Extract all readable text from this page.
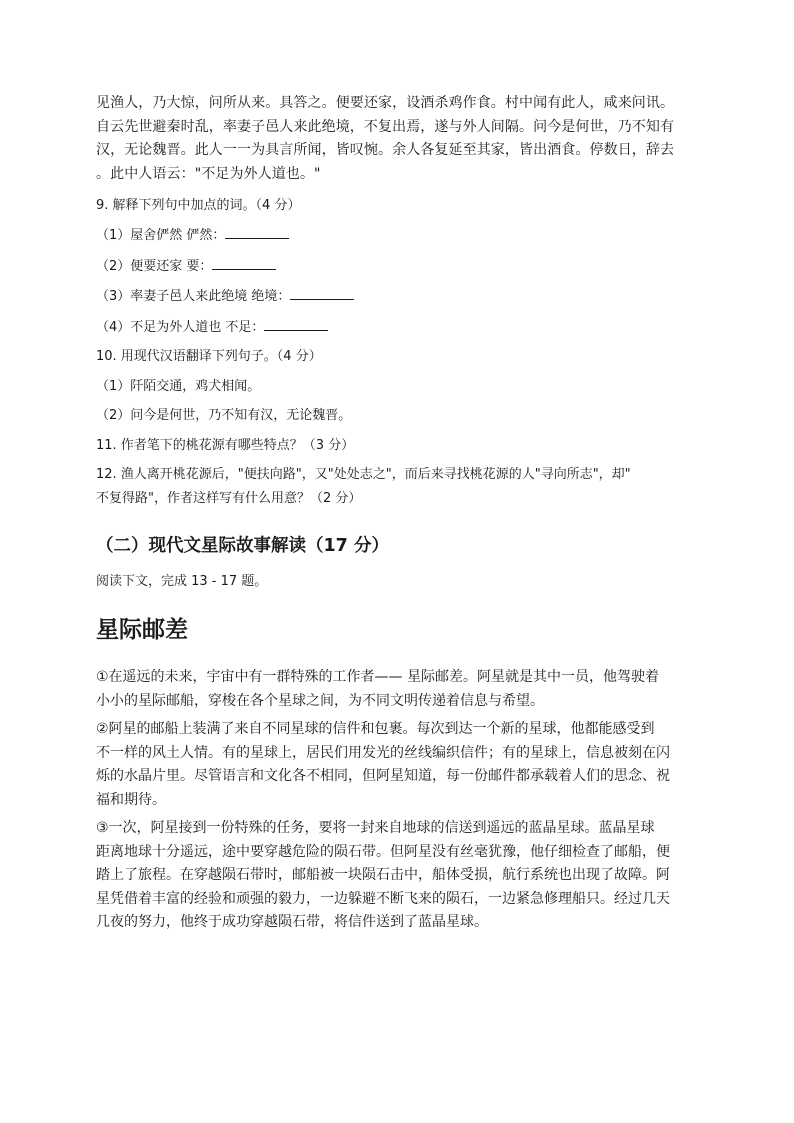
见渔人，乃大惊，问所从来。具答之。便要还家，设酒杀鸡作食。村中闻有此人，咸来问讯。

自云先世避秦时乱，率妻子邑人来此绝境，不复出焉，遂与外人间隔。问今是何世，乃不知有

汉，无论魏晋。此人一一为具言所闻，皆叹惋。余人各复延至其家，皆出酒食。停数日，辞去

。此中人语云："不足为外人道也。"

9. 解释下列句中加点的词。（4 分）

（1）屋舍俨然 俨然：

（2）便要还家 要：

（3）率妻子邑人来此绝境 绝境：

（4）不足为外人道也 不足：

10. 用现代汉语翻译下列句子。（4 分）

（1）阡陌交通，鸡犬相闻。

（2）问今是何世，乃不知有汉，无论魏晋。

11. 作者笔下的桃花源有哪些特点？（3 分）

12. 渔人离开桃花源后，"便扶向路"，又"处处志之"，而后来寻找桃花源的人"寻向所志"，却"

不复得路"，作者这样写有什么用意？（2 分）

（二）现代文星际故事解读（17 分）

阅读下文，完成 13 - 17 题。

星际邮差
①在遥远的未来，宇宙中有一群特殊的工作者—— 星际邮差。阿星就是其中一员，他驾驶着
小小的星际邮船，穿梭在各个星球之间，为不同文明传递着信息与希望。
②阿星的邮船上装满了来自不同星球的信件和包裹。每次到达一个新的星球，他都能感受到
不一样的风土人情。有的星球上，居民们用发光的丝线编织信件；有的星球上，信息被刻在闪
烁的水晶片里。尽管语言和文化各不相同，但阿星知道，每一份邮件都承载着人们的思念、祝
福和期待。
③一次，阿星接到一份特殊的任务，要将一封来自地球的信送到遥远的蓝晶星球。蓝晶星球
距离地球十分遥远，途中要穿越危险的陨石带。但阿星没有丝毫犹豫，他仔细检查了邮船，便
踏上了旅程。在穿越陨石带时，邮船被一块陨石击中，船体受损，航行系统也出现了故障。阿
星凭借着丰富的经验和顽强的毅力，一边躲避不断飞来的陨石，一边紧急修理船只。经过几天
几夜的努力，他终于成功穿越陨石带，将信件送到了蓝晶星球。
